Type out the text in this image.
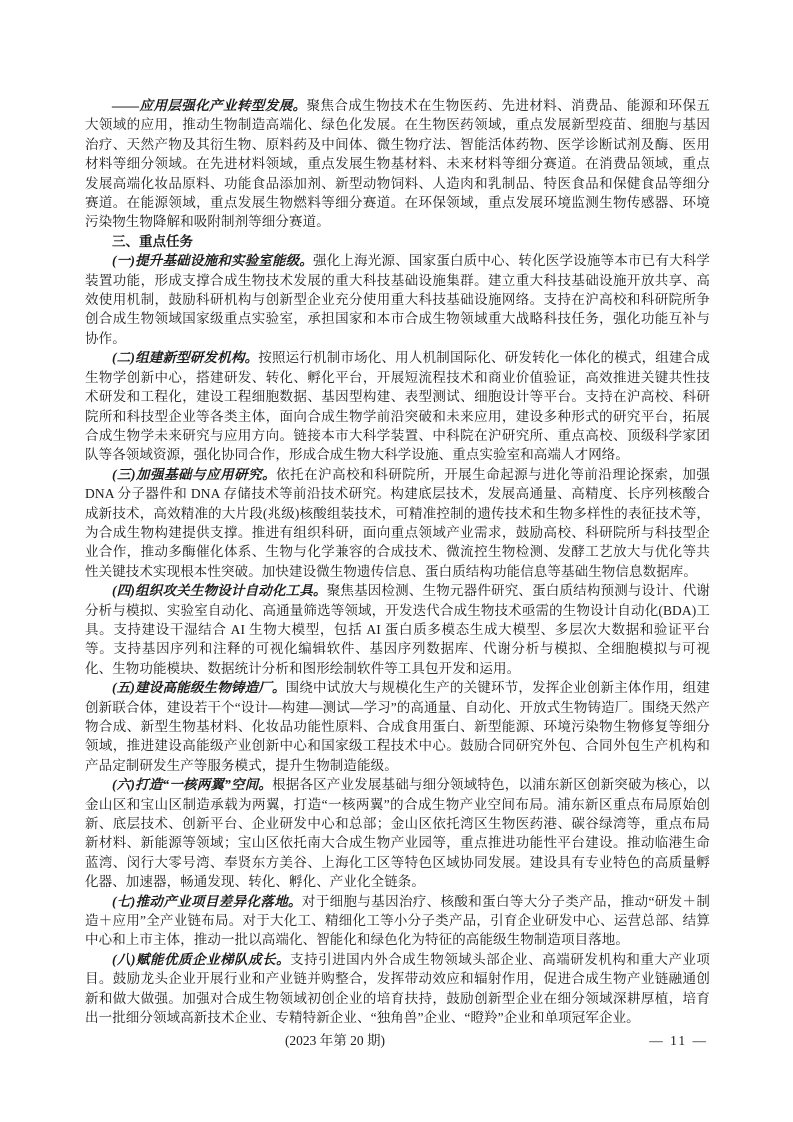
——应用层强化产业转型发展。聚焦合成生物技术在生物医药、先进材料、消费品、能源和环保五大领域的应用，推动生物制造高端化、绿色化发展。在生物医药领域，重点发展新型疫苗、细胞与基因治疗、天然产物及其衍生物、原料药及中间体、微生物疗法、智能活体药物、医学诊断试剂及酶、医用材料等细分领域。在先进材料领域，重点发展生物基材料、未来材料等细分赛道。在消费品领域，重点发展高端化妆品原料、功能食品添加剂、新型动物饲料、人造肉和乳制品、特医食品和保健食品等细分赛道。在能源领域，重点发展生物燃料等细分赛道。在环保领域，重点发展环境监测生物传感器、环境污染物生物降解和吸附制剂等细分赛道。

三、重点任务

(一)提升基础设施和实验室能级。强化上海光源、国家蛋白质中心、转化医学设施等本市已有大科学装置功能，形成支撑合成生物技术发展的重大科技基础设施集群。建立重大科技基础设施开放共享、高效使用机制，鼓励科研机构与创新型企业充分使用重大科技基础设施网络。支持在沪高校和科研院所争创合成生物领域国家级重点实验室，承担国家和本市合成生物领域重大战略科技任务，强化功能互补与协作。

(二)组建新型研发机构。按照运行机制市场化、用人机制国际化、研发转化一体化的模式，组建合成生物学创新中心，搭建研发、转化、孵化平台，开展短流程技术和商业价值验证，高效推进关键共性技术研发和工程化，建设工程细胞数据、基因型构建、表型测试、细胞设计等平台。支持在沪高校、科研院所和科技型企业等各类主体，面向合成生物学前沿突破和未来应用，建设多种形式的研究平台，拓展合成生物学未来研究与应用方向。链接本市大科学装置、中科院在沪研究所、重点高校、顶级科学家团队等各领域资源，强化协同合作，形成合成生物大科学设施、重点实验室和高端人才网络。

(三)加强基础与应用研究。依托在沪高校和科研院所，开展生命起源与进化等前沿理论探索，加强 DNA 分子器件和 DNA 存储技术等前沿技术研究。构建底层技术，发展高通量、高精度、长序列核酸合成新技术，高效精准的大片段(兆级)核酸组装技术，可精准控制的遗传技术和生物多样性的表征技术等，为合成生物构建提供支撑。推进有组织科研，面向重点领域产业需求，鼓励高校、科研院所与科技型企业合作，推动多酶催化体系、生物与化学兼容的合成技术、微流控生物检测、发酵工艺放大与优化等共性关键技术实现根本性突破。加快建设微生物遗传信息、蛋白质结构功能信息等基础生物信息数据库。

(四)组织攻关生物设计自动化工具。聚焦基因检测、生物元器件研究、蛋白质结构预测与设计、代谢分析与模拟、实验室自动化、高通量筛选等领域，开发迭代合成生物技术亟需的生物设计自动化(BDA)工具。支持建设干湿结合 AI 生物大模型，包括 AI 蛋白质多模态生成大模型、多层次大数据和验证平台等。支持基因序列和注释的可视化编辑软件、基因序列数据库、代谢分析与模拟、全细胞模拟与可视化、生物功能模块、数据统计分析和图形绘制软件等工具包开发和运用。

(五)建设高能级生物铸造厂。围绕中试放大与规模化生产的关键环节，发挥企业创新主体作用，组建创新联合体，建设若干个“设计—构建—测试—学习”的高通量、自动化、开放式生物铸造厂。围绕天然产物合成、新型生物基材料、化妆品功能性原料、合成食用蛋白、新型能源、环境污染物生物修复等细分领域，推进建设高能级产业创新中心和国家级工程技术中心。鼓励合同研究外包、合同外包生产机构和产品定制研发生产等服务模式，提升生物制造能级。

(六)打造“一核两翼”空间。根据各区产业发展基础与细分领域特色，以浦东新区创新突破为核心，以金山区和宝山区制造承载为两翼，打造“一核两翼”的合成生物产业空间布局。浦东新区重点布局原始创新、底层技术、创新平台、企业研发中心和总部；金山区依托湾区生物医药港、碳谷绿湾等，重点布局新材料、新能源等领域；宝山区依托南大合成生物产业园等，重点推进功能性平台建设。推动临港生命蓝湾、闵行大零号湾、奉贤东方美谷、上海化工区等特色区域协同发展。建设具有专业特色的高质量孵化器、加速器，畅通发现、转化、孵化、产业化全链条。

(七)推动产业项目差异化落地。对于细胞与基因治疗、核酸和蛋白等大分子类产品，推动“研发＋制造＋应用”全产业链布局。对于大化工、精细化工等小分子类产品，引育企业研发中心、运营总部、结算中心和上市主体，推动一批以高端化、智能化和绿色化为特征的高能级生物制造项目落地。

(八)赋能优质企业梯队成长。支持引进国内外合成生物领域头部企业、高端研发机构和重大产业项目。鼓励龙头企业开展行业和产业链并购整合，发挥带动效应和辐射作用，促进合成生物产业链融通创新和做大做强。加强对合成生物领域初创企业的培育扶持，鼓励创新型企业在细分领域深耕厚植，培育出一批细分领域高新技术企业、专精特新企业、“独角兽”企业、“瞪羚”企业和单项冠军企业。

(2023 年第 20 期)	— 11 —
